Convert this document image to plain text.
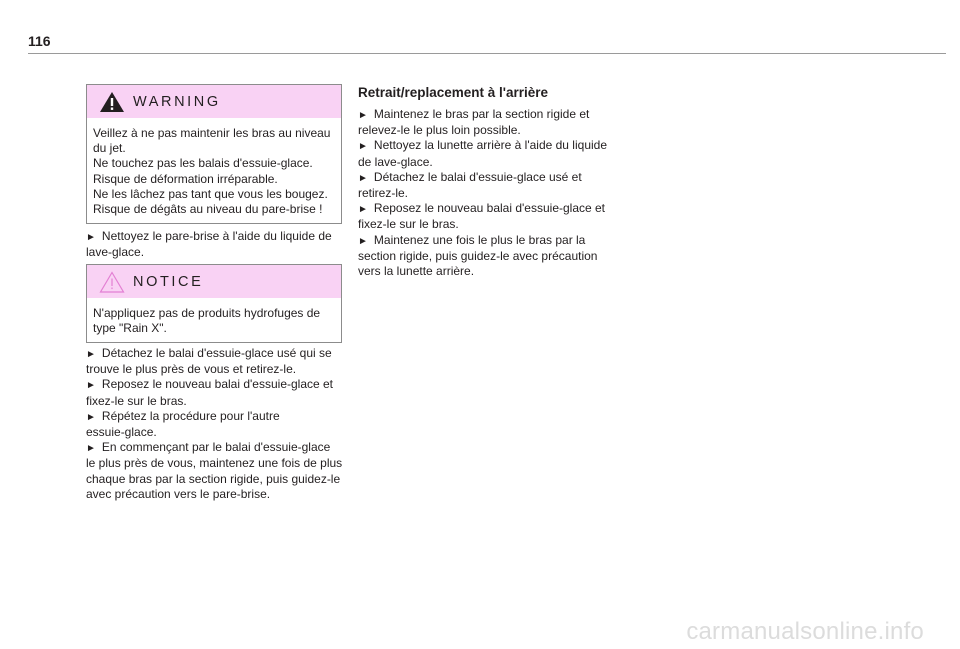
116
WARNING
Veillez à ne pas maintenir les bras au niveau
du jet.
Ne touchez pas les balais d'essuie-glace.
Risque de déformation irréparable.
Ne les lâchez pas tant que vous les bougez.
Risque de dégâts au niveau du pare-brise !
► Nettoyez le pare-brise à l'aide du liquide de
lave-glace.
NOTICE
N'appliquez pas de produits hydrofuges de
type "Rain X".
► Détachez le balai d'essuie-glace usé qui se
trouve le plus près de vous et retirez-le.
► Reposez le nouveau balai d'essuie-glace et
fixez-le sur le bras.
► Répétez la procédure pour l'autre
essuie-glace.
► En commençant par le balai d'essuie-glace
le plus près de vous, maintenez une fois de plus
chaque bras par la section rigide, puis guidez-le
avec précaution vers le pare-brise.
Retrait/replacement à l'arrière
► Maintenez le bras par la section rigide et
relevez-le le plus loin possible.
► Nettoyez la lunette arrière à l'aide du liquide
de lave-glace.
► Détachez le balai d'essuie-glace usé et
retirez-le.
► Reposez le nouveau balai d'essuie-glace et
fixez-le sur le bras.
► Maintenez une fois le plus le bras par la
section rigide, puis guidez-le avec précaution
vers la lunette arrière.
carmanualsonline.info
